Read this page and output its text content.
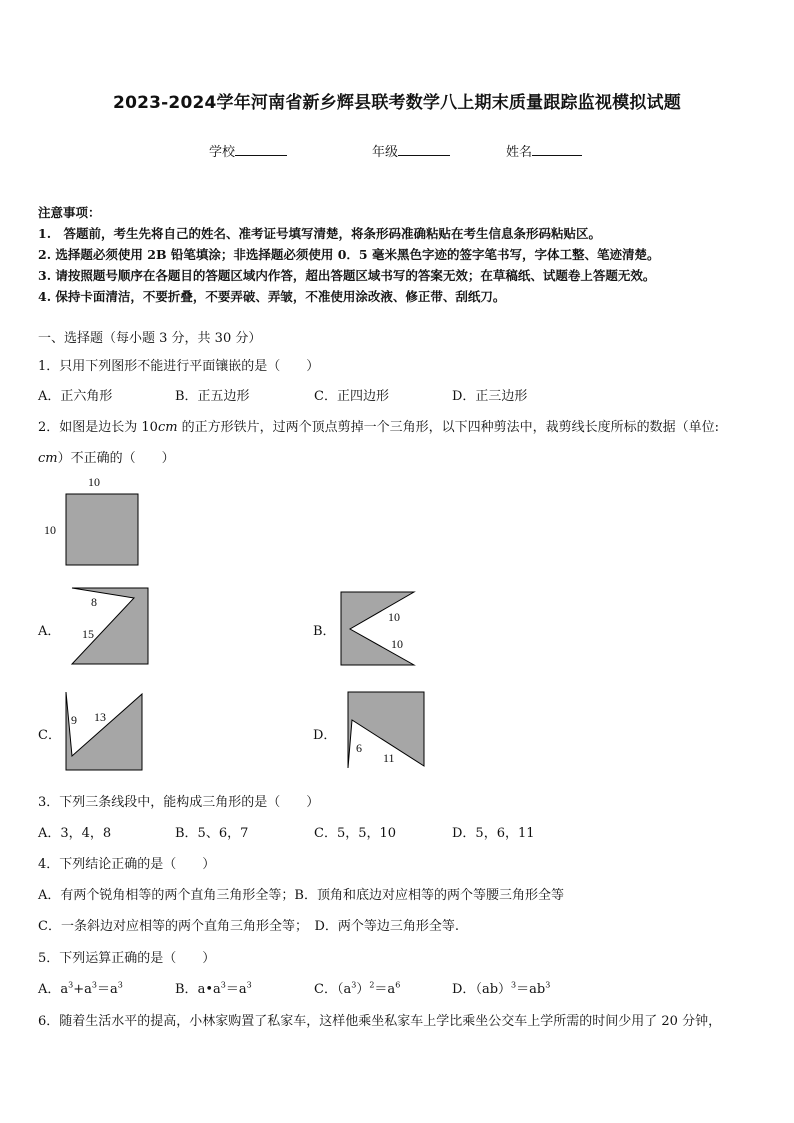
2023-2024学年河南省新乡辉县联考数学八上期末质量跟踪监视模拟试题
学校	年级	姓名
注意事项：
1.　答题前，考生先将自己的姓名、准考证号填写清楚，将条形码准确粘贴在考生信息条形码粘贴区。
2. 选择题必须使用 2B 铅笔填涂；非选择题必须使用 0．5 毫米黑色字迹的签字笔书写，字体工整、笔迹清楚。
3. 请按照题号顺序在各题目的答题区域内作答，超出答题区域书写的答案无效；在草稿纸、试题卷上答题无效。
4. 保持卡面清洁，不要折叠，不要弄破、弄皱，不准使用涂改液、修正带、刮纸刀。
一、选择题（每小题 3 分，共 30 分）
1．只用下列图形不能进行平面镶嵌的是（　　）
A．正六角形	B．正五边形	C．正四边形	D．正三边形
2．如图是边长为 10𝑐𝑚 的正方形铁片，过两个顶点剪掉一个三角形，以下四种剪法中，裁剪线长度所标的数据（单位:
𝑐𝑚）不正确的（　　）
10
10
A．
8
15	B．
10
10
C．
9 13
D．
6
11
3．下列三条线段中，能构成三角形的是（　　）
A．3，4，8	B．5、6，7	C．5，5，10	D．5，6，11
4．下列结论正确的是（　　）
A．有两个锐角相等的两个直角三角形全等；B．顶角和底边对应相等的两个等腰三角形全等
C．一条斜边对应相等的两个直角三角形全等；　D．两个等边三角形全等.
5．下列运算正确的是（　　）
A．$a^3+a^3=a^3$	B．$a•a^3=a^3$	C．$(a^3)^2=a^6$	D．$(ab)^3=ab^3$
6．随着生活水平的提高，小林家购置了私家车，这样他乘坐私家车上学比乘坐公交车上学所需的时间少用了 20 分钟，
